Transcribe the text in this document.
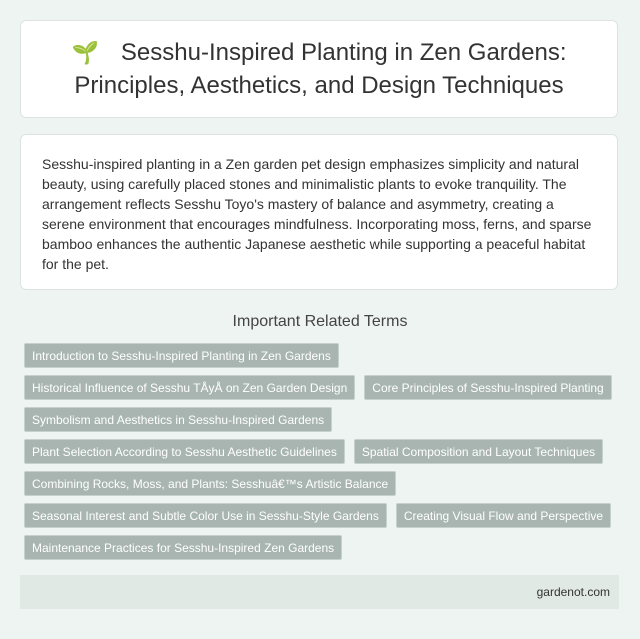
🌱 Sesshu-Inspired Planting in Zen Gardens: Principles, Aesthetics, and Design Techniques

Sesshu-inspired planting in a Zen garden pet design emphasizes simplicity and natural beauty, using carefully placed stones and minimalistic plants to evoke tranquility. The arrangement reflects Sesshu Toyo's mastery of balance and asymmetry, creating a serene environment that encourages mindfulness. Incorporating moss, ferns, and sparse bamboo enhances the authentic Japanese aesthetic while supporting a peaceful habitat for the pet.

Important Related Terms
Introduction to Sesshu-Inspired Planting in Zen Gardens
Historical Influence of Sesshu TÅyÅ on Zen Garden Design	Core Principles of Sesshu-Inspired Planting
Symbolism and Aesthetics in Sesshu-Inspired Gardens
Plant Selection According to Sesshu Aesthetic Guidelines	Spatial Composition and Layout Techniques
Combining Rocks, Moss, and Plants: Sesshuâ€™s Artistic Balance
Seasonal Interest and Subtle Color Use in Sesshu-Style Gardens	Creating Visual Flow and Perspective
Maintenance Practices for Sesshu-Inspired Zen Gardens
gardenot.com
